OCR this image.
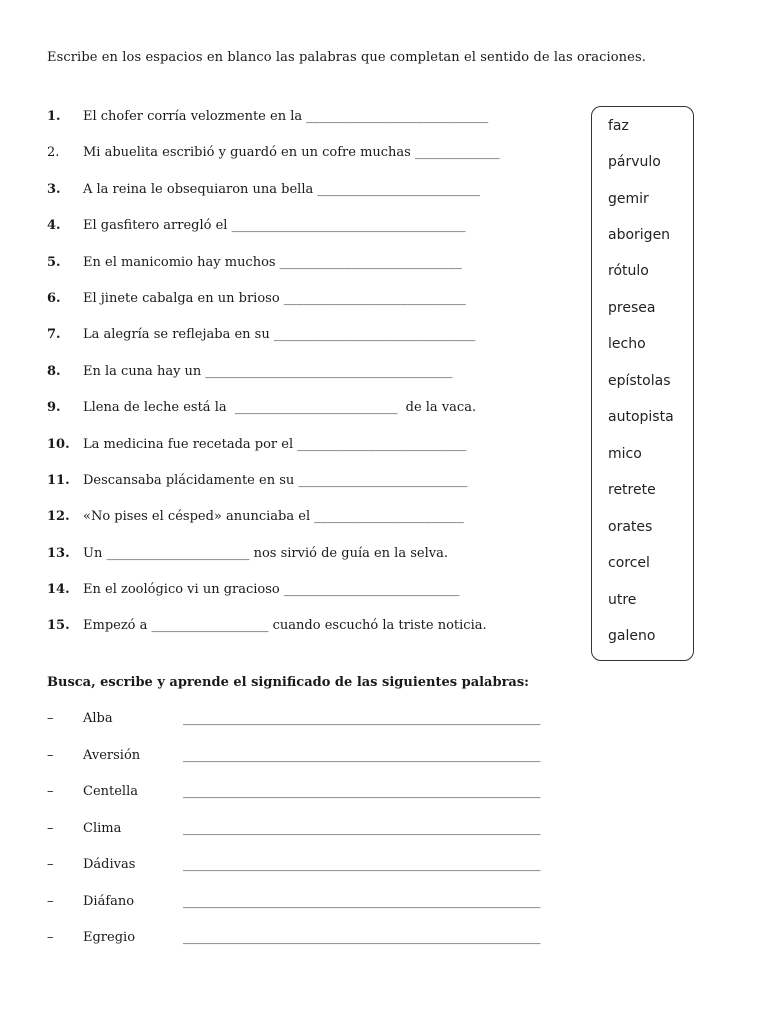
Escribe en los espacios en blanco las palabras que completan el sentido de las oraciones.
1.	El chofer corría velozmente en la ____________________________
2.	Mi abuelita escribió y guardó en un cofre muchas _____________
3.	A la reina le obsequiaron una bella _________________________
4.	El gasfitero arregló el ____________________________________
5.	En el manicomio hay muchos ____________________________
6.	El jinete cabalga en un brioso ____________________________
7.	La alegría se reflejaba en su _______________________________
8.	En la cuna hay un ______________________________________
9.	Llena de leche está la  _________________________  de la vaca.
10.	La medicina fue recetada por el __________________________
11.	Descansaba plácidamente en su __________________________
12.	«No pises el césped» anunciaba el _______________________
13.	Un ______________________ nos sirvió de guía en la selva.
14.	En el zoológico vi un gracioso ___________________________
15.	Empezó a __________________ cuando escuchó la triste noticia.
faz
párvulo
gemir
aborigen
rótulo
presea
lecho
epístolas
autopista
mico
retrete
orates
corcel
utre
galeno
Busca, escribe y aprende el significado de las siguientes palabras:
–	Alba	_______________________________________________________
–	Aversión	_______________________________________________________
–	Centella	_______________________________________________________
–	Clima	_______________________________________________________
–	Dádivas	_______________________________________________________
–	Diáfano	_______________________________________________________
–	Egregio	_______________________________________________________
